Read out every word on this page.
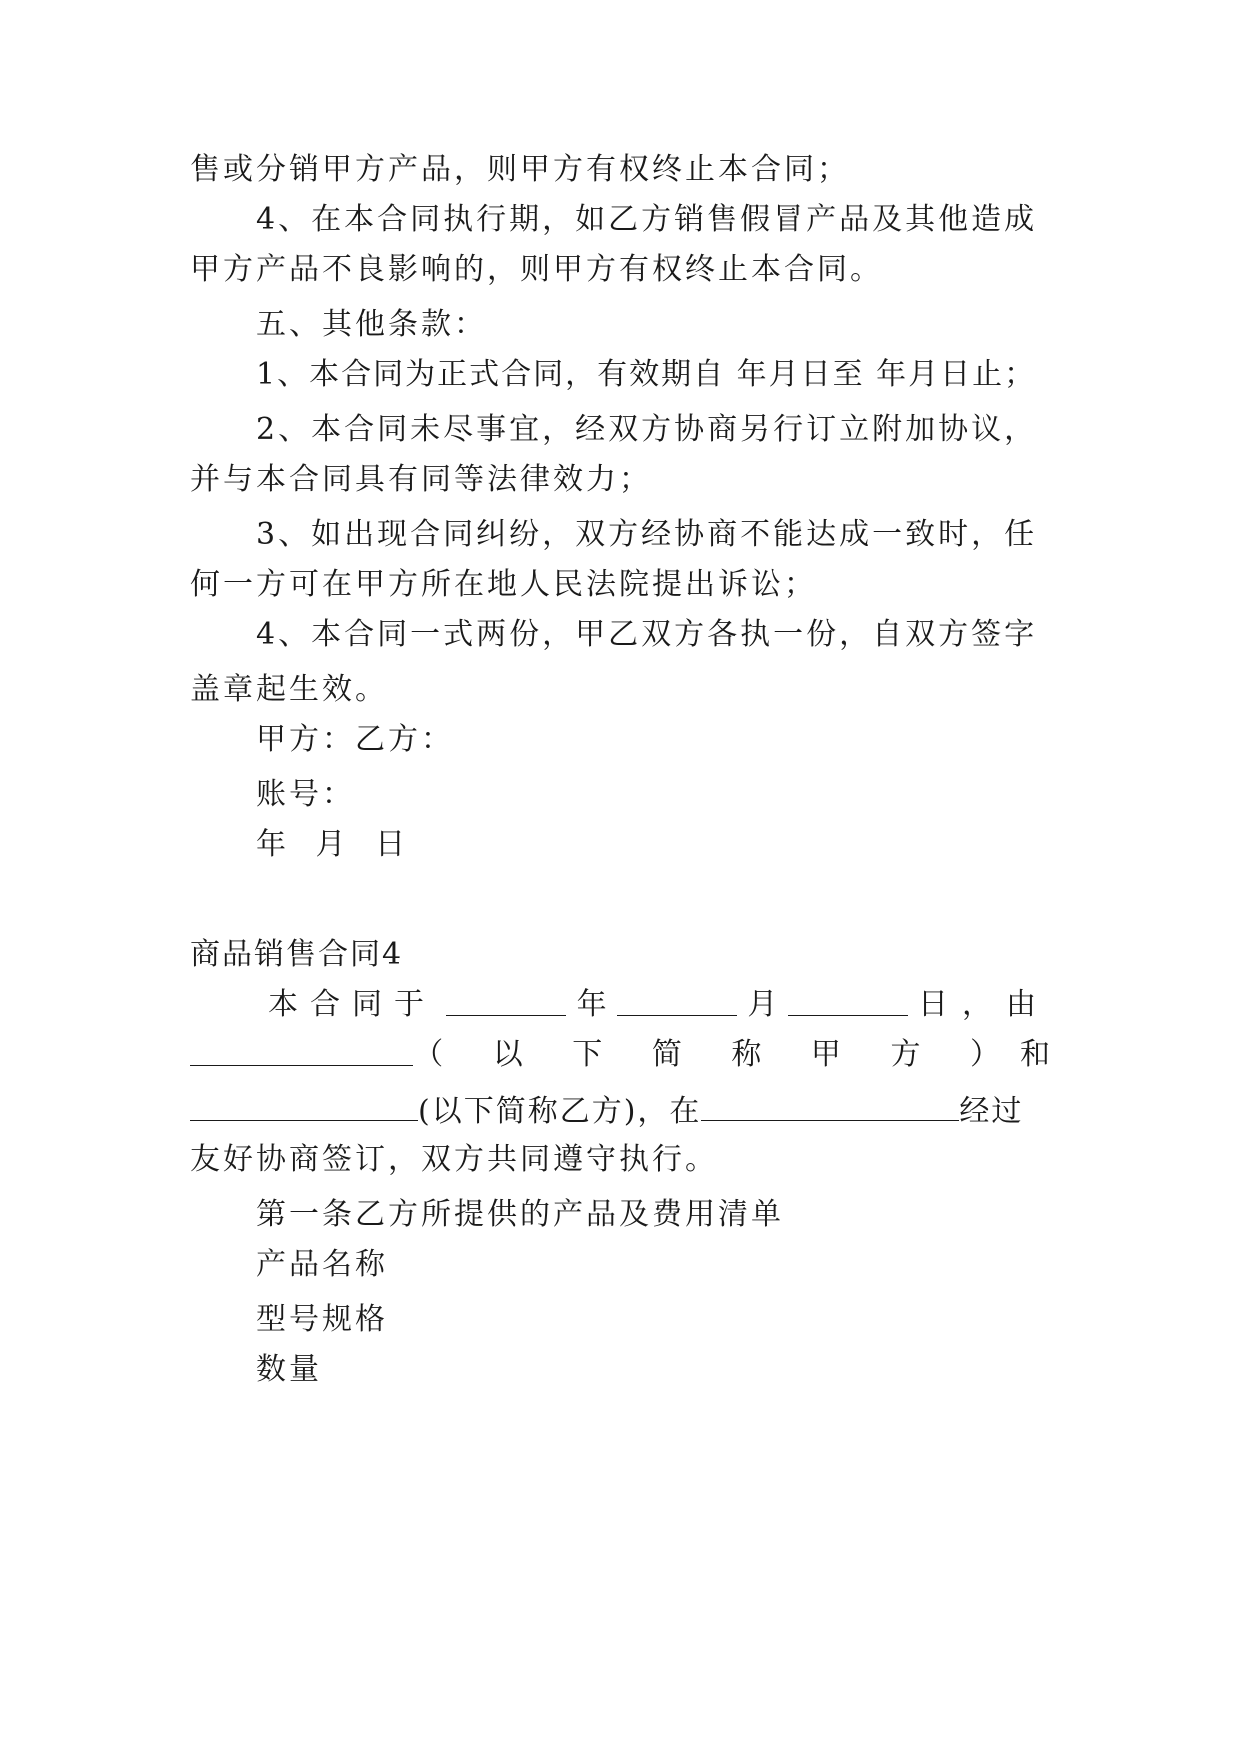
售或分销甲方产品，则甲方有权终止本合同；
4、在本合同执行期，如乙方销售假冒产品及其他造成
甲方产品不良影响的，则甲方有权终止本合同。
五、其他条款：
1、本合同为正式合同，有效期自 年月日至 年月日止；
2、本合同未尽事宜，经双方协商另行订立附加协议，
并与本合同具有同等法律效力；
3、如出现合同纠纷，双方经协商不能达成一致时，任
何一方可在甲方所在地人民法院提出诉讼；
4、本合同一式两份，甲乙双方各执一份，自双方签字
盖章起生效。
甲方：乙方：
账号：
年 月 日
商品销售合同4
本合同于	年	月	日，由
（ 以 下 简 称 甲 方 ） 和
(以下简称乙方)，在	经过
友好协商签订，双方共同遵守执行。
第一条乙方所提供的产品及费用清单
产品名称
型号规格
数量
